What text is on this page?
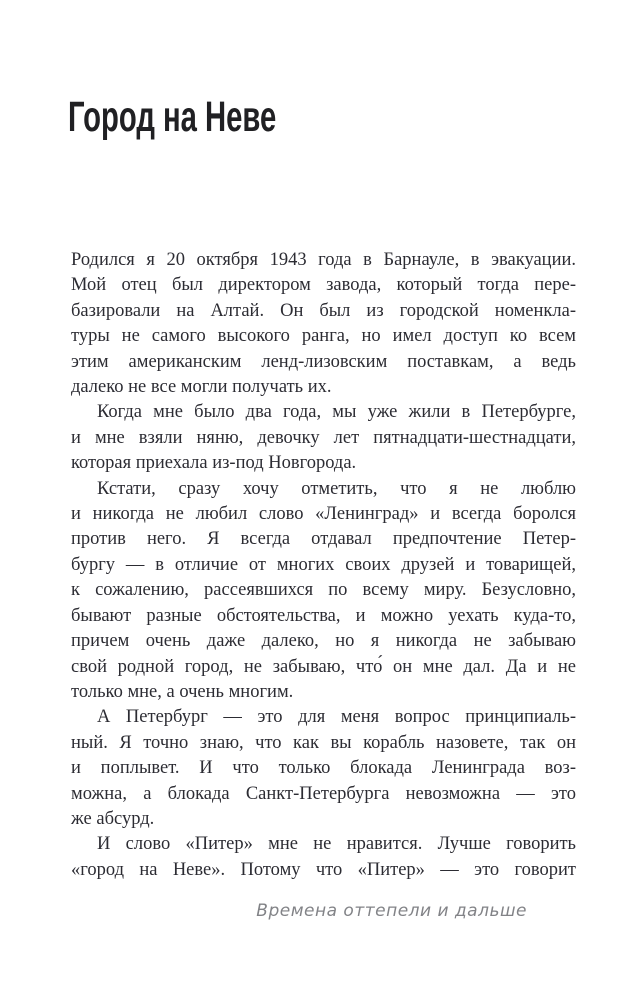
Город на Неве
Родился я 20 октября 1943 года в Барнауле, в эвакуации.
Мой отец был директором завода, который тогда пере-
базировали на Алтай. Он был из городской номенкла-
туры не самого высокого ранга, но имел доступ ко всем
этим американским ленд-лизовским поставкам, а ведь
далеко не все могли получать их.
Когда мне было два года, мы уже жили в Петербурге,
и мне взяли няню, девочку лет пятнадцати-шестнадцати,
которая приехала из-под Новгорода.
Кстати, сразу хочу отметить, что я не люблю
и никогда не любил слово «Ленинград» и всегда боролся
против него. Я всегда отдавал предпочтение Петер-
бургу — в отличие от многих своих друзей и товарищей,
к сожалению, рассеявшихся по всему миру. Безусловно,
бывают разные обстоятельства, и можно уехать куда-то,
причем очень даже далеко, но я никогда не забываю
свой родной город, не забываю, что́ он мне дал. Да и не
только мне, а очень многим.
А Петербург — это для меня вопрос принципиаль-
ный. Я точно знаю, что как вы корабль назовете, так он
и поплывет. И что только блокада Ленинграда воз-
можна, а блокада Санкт-Петербурга невозможна — это
же абсурд.
И слово «Питер» мне не нравится. Лучше говорить
«город на Неве». Потому что «Питер» — это говорит
Времена оттепели и дальше
